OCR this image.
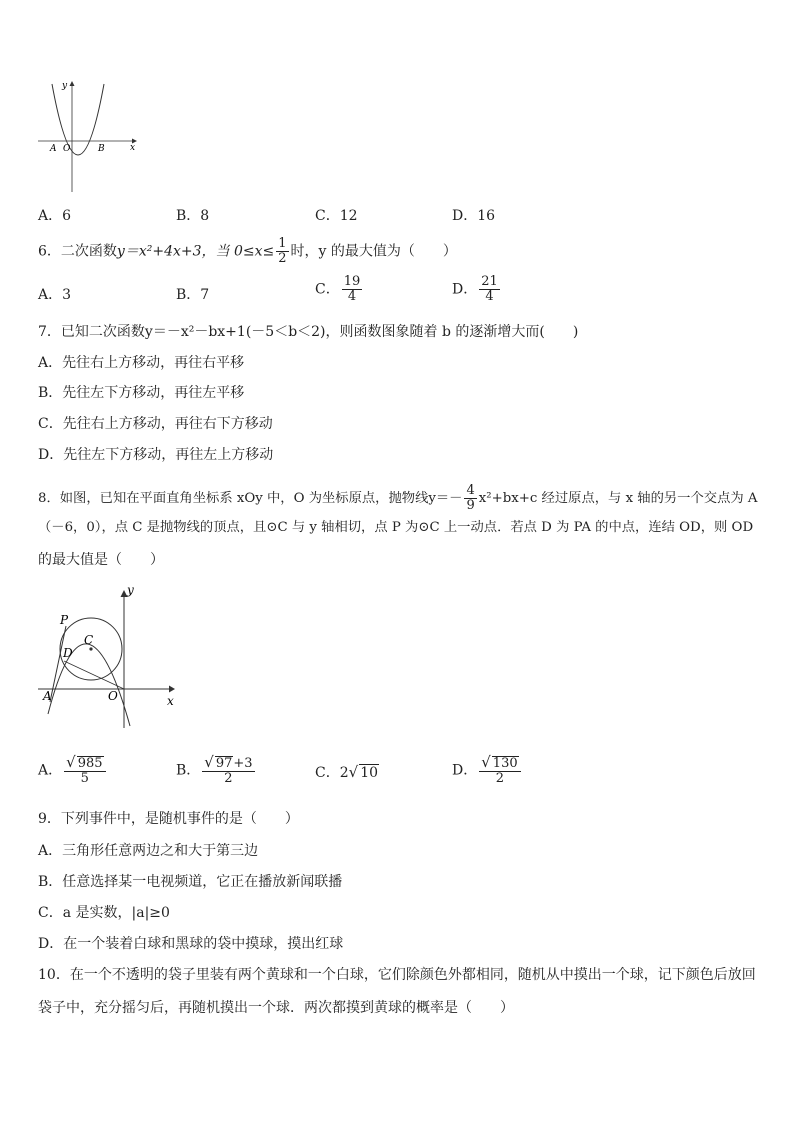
y
x
A O	B
A．6	B．8	C．12	D．16
6．二次函数y＝x²+4x+3，当 $0\le x\le \frac{1}{2}$ 时，y 的最大值为（　　）
A．3	B．7	C． $\frac{19}{4}$	D． $\frac{21}{4}$
7．已知二次函数y＝－x²－bx+1(－5＜b＜2)，则函数图象随着 b 的逐渐增大而(　　)
A．先往右上方移动，再往右平移
B．先往左下方移动，再往左平移
C．先往右上方移动，再往右下方移动
D．先往左下方移动，再往左上方移动
8．如图，已知在平面直角坐标系 xOy 中，O 为坐标原点，抛物线$y=- \frac{4}{9} x^2+bx+c$ 经过原点，与 x 轴的另一个交点为 A
（－6，0），点 C 是抛物线的顶点，且⊙C 与 y 轴相切，点 P 为⊙C 上一动点．若点 D 为 PA 的中点，连结 OD，则 OD
的最大值是（　　）
y
x
P
C
D
A	O
A． $\frac{√ 985}{5}$	B． $\frac{√ 97+3}{2}$	C．2√ 10	D． $\frac{√ 130}{2}$
9．下列事件中，是随机事件的是（　　）
A．三角形任意两边之和大于第三边
B．任意选择某一电视频道，它正在播放新闻联播
C．a 是实数，|a|≥0
D．在一个装着白球和黑球的袋中摸球，摸出红球
10．在一个不透明的袋子里装有两个黄球和一个白球，它们除颜色外都相同，随机从中摸出一个球，记下颜色后放回
袋子中，充分摇匀后，再随机摸出一个球．两次都摸到黄球的概率是（　　）
